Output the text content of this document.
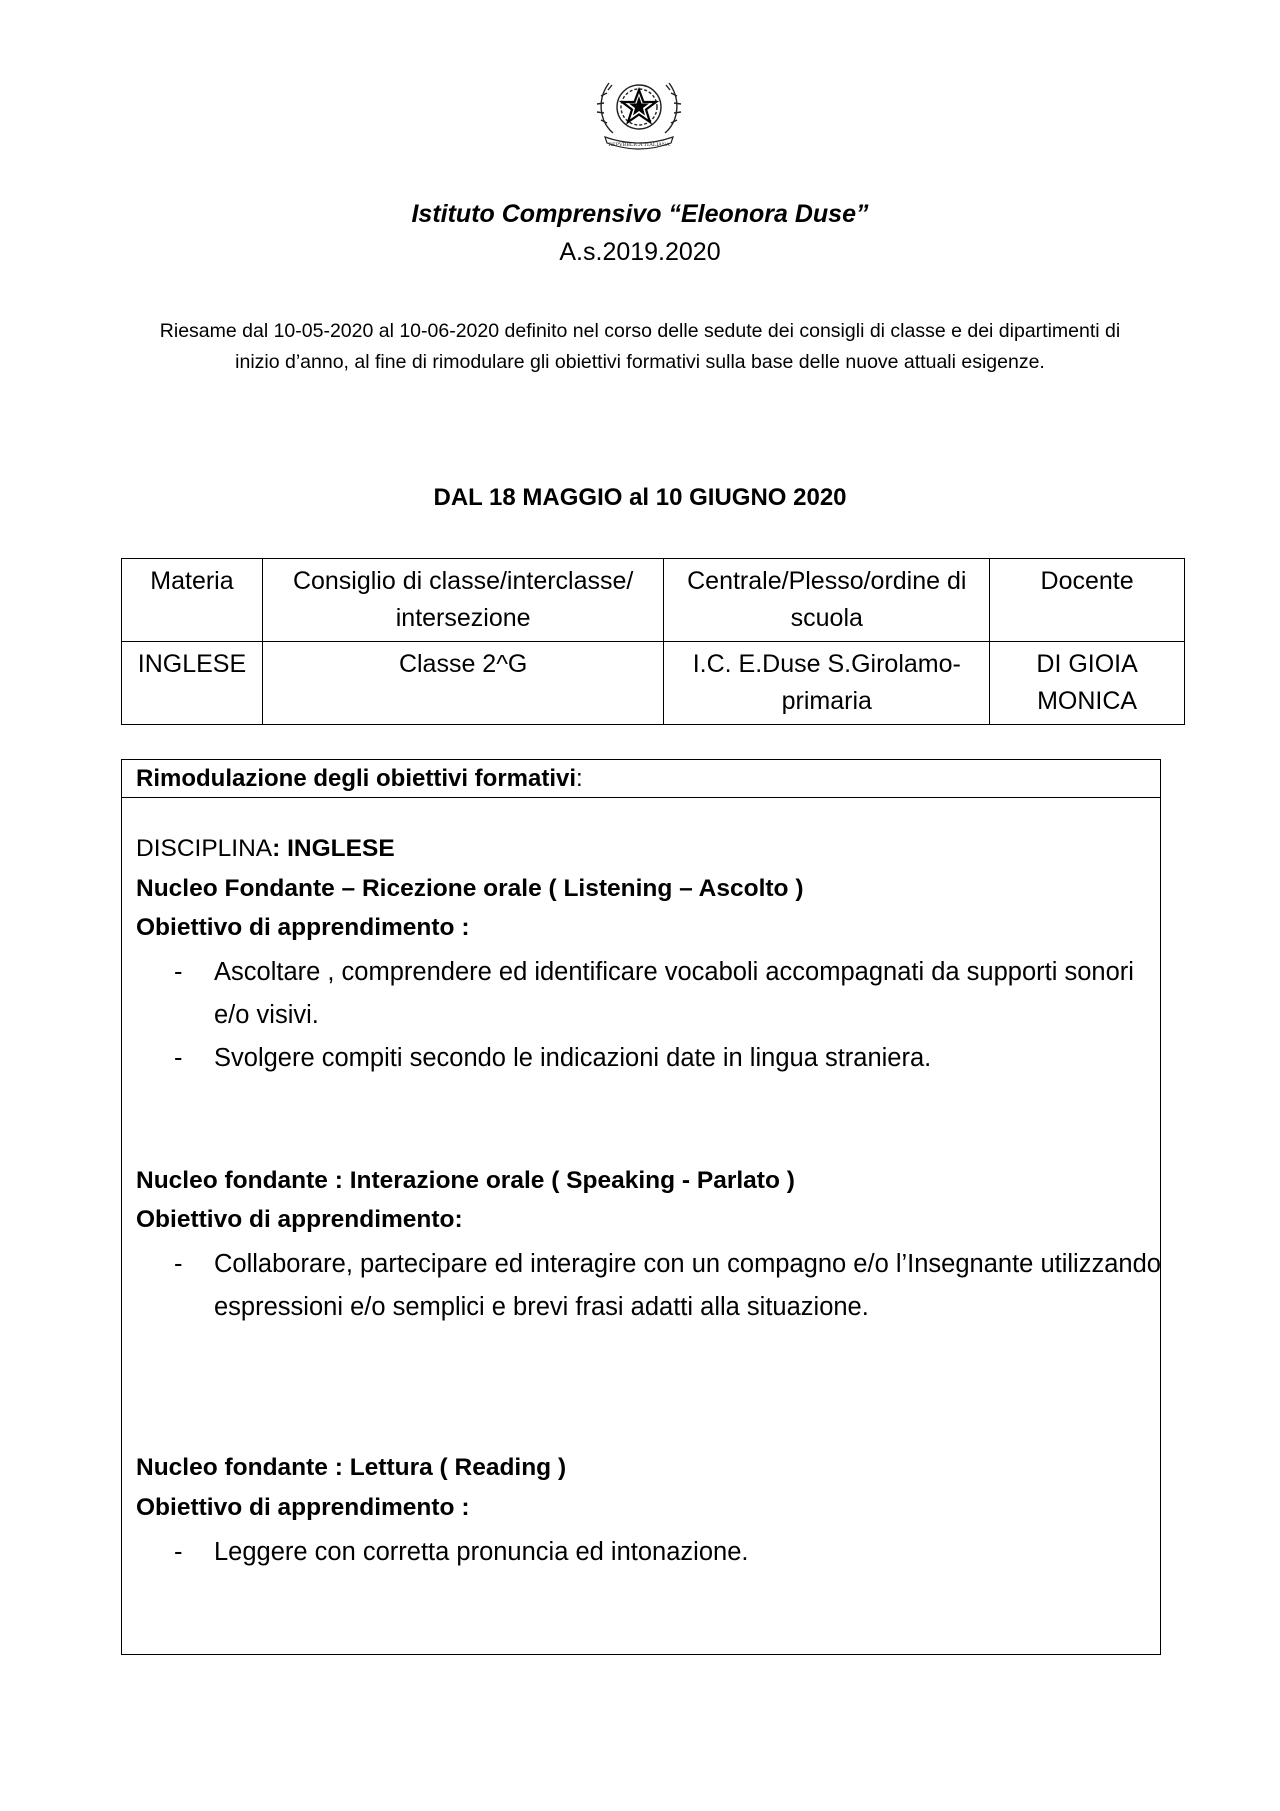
REPVBBLICA ITALIANA
Istituto Comprensivo “Eleonora Duse”
A.s.2019.2020
Riesame dal 10-05-2020 al 10-06-2020 definito nel corso delle sedute dei consigli di classe e dei dipartimenti di inizio d’anno, al fine di rimodulare gli obiettivi formativi sulla base delle nuove attuali esigenze.
DAL 18 MAGGIO al 10 GIUGNO 2020
Materia	Consiglio di classe/interclasse/ intersezione	Centrale/Plesso/ordine di scuola	Docente
INGLESE	Classe 2^G	I.C. E.Duse S.Girolamo-primaria	DI GIOIA MONICA
Rimodulazione degli obiettivi formativi:
DISCIPLINA: INGLESE
Nucleo Fondante – Ricezione orale ( Listening – Ascolto )
Obiettivo di apprendimento :
- Ascoltare , comprendere ed identificare vocaboli accompagnati da supporti sonori e/o visivi.
- Svolgere compiti secondo le indicazioni date in lingua straniera.
Nucleo fondante : Interazione orale ( Speaking - Parlato )
Obiettivo di apprendimento:
- Collaborare, partecipare ed interagire con un compagno e/o l’Insegnante utilizzando espressioni e/o semplici e brevi frasi adatti alla situazione.
Nucleo fondante : Lettura ( Reading )
Obiettivo di apprendimento :
- Leggere con corretta pronuncia ed intonazione.
